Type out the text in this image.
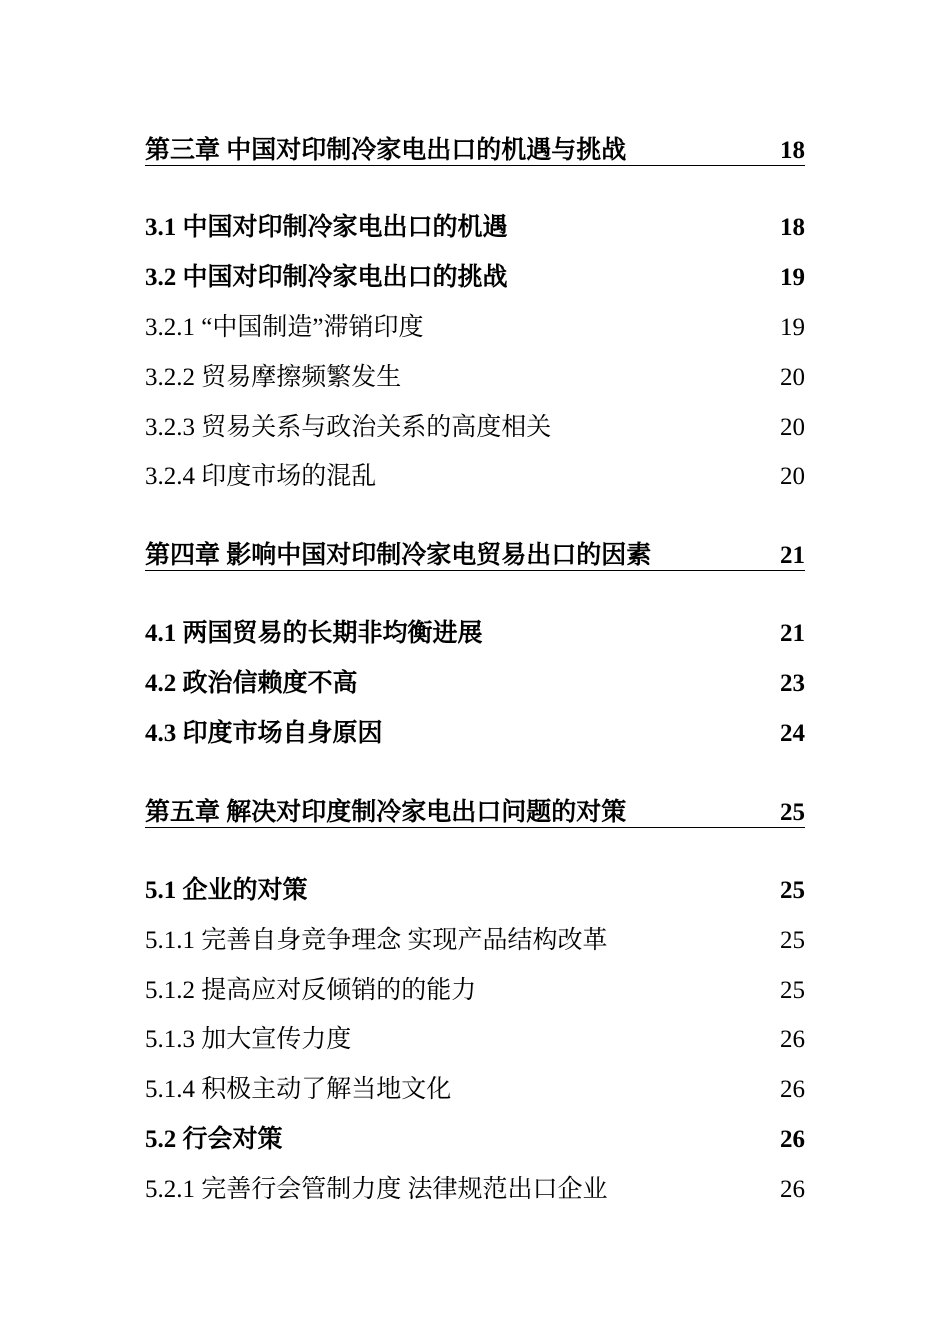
第三章 中国对印制冷家电出口的机遇与挑战	18
3.1 中国对印制冷家电出口的机遇	18
3.2 中国对印制冷家电出口的挑战	19
3.2.1 “中国制造”滞销印度	19
3.2.2 贸易摩擦频繁发生	20
3.2.3 贸易关系与政治关系的高度相关	20
3.2.4 印度市场的混乱	20
第四章 影响中国对印制冷家电贸易出口的因素	21
4.1 两国贸易的长期非均衡进展	21
4.2 政治信赖度不高	23
4.3 印度市场自身原因	24
第五章 解决对印度制冷家电出口问题的对策	25
5.1 企业的对策	25
5.1.1 完善自身竞争理念 实现产品结构改革	25
5.1.2 提高应对反倾销的的能力	25
5.1.3 加大宣传力度	26
5.1.4 积极主动了解当地文化	26
5.2 行会对策	26
5.2.1 完善行会管制力度 法律规范出口企业	26
